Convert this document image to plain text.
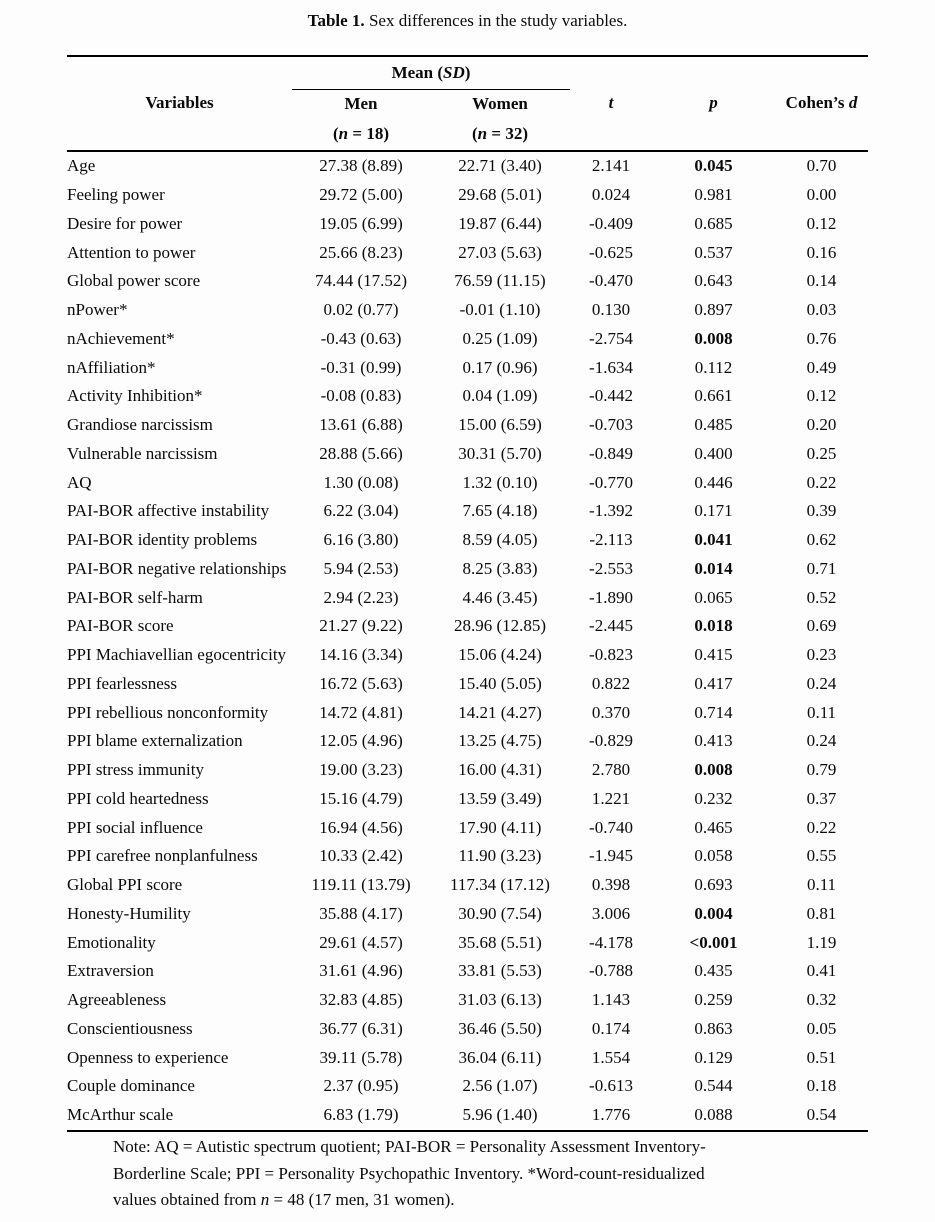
Table 1. Sex differences in the study variables.
	Mean (SD)				
Variables	Men	Women	t	p	Cohen’s d
	(n = 18)	(n = 32)			
Age	27.38 (8.89)	22.71 (3.40)	2.141	0.045	0.70
Feeling power	29.72 (5.00)	29.68 (5.01)	0.024	0.981	0.00
Desire for power	19.05 (6.99)	19.87 (6.44)	-0.409	0.685	0.12
Attention to power	25.66 (8.23)	27.03 (5.63)	-0.625	0.537	0.16
Global power score	74.44 (17.52)	76.59 (11.15)	-0.470	0.643	0.14
nPower*	0.02 (0.77)	-0.01 (1.10)	0.130	0.897	0.03
nAchievement*	-0.43 (0.63)	0.25 (1.09)	-2.754	0.008	0.76
nAffiliation*	-0.31 (0.99)	0.17 (0.96)	-1.634	0.112	0.49
Activity Inhibition*	-0.08 (0.83)	0.04 (1.09)	-0.442	0.661	0.12
Grandiose narcissism	13.61 (6.88)	15.00 (6.59)	-0.703	0.485	0.20
Vulnerable narcissism	28.88 (5.66)	30.31 (5.70)	-0.849	0.400	0.25
AQ	1.30 (0.08)	1.32 (0.10)	-0.770	0.446	0.22
PAI-BOR affective instability	6.22 (3.04)	7.65 (4.18)	-1.392	0.171	0.39
PAI-BOR identity problems	6.16 (3.80)	8.59 (4.05)	-2.113	0.041	0.62
PAI-BOR negative relationships	5.94 (2.53)	8.25 (3.83)	-2.553	0.014	0.71
PAI-BOR self-harm	2.94 (2.23)	4.46 (3.45)	-1.890	0.065	0.52
PAI-BOR score	21.27 (9.22)	28.96 (12.85)	-2.445	0.018	0.69
PPI Machiavellian egocentricity	14.16 (3.34)	15.06 (4.24)	-0.823	0.415	0.23
PPI fearlessness	16.72 (5.63)	15.40 (5.05)	0.822	0.417	0.24
PPI rebellious nonconformity	14.72 (4.81)	14.21 (4.27)	0.370	0.714	0.11
PPI blame externalization	12.05 (4.96)	13.25 (4.75)	-0.829	0.413	0.24
PPI stress immunity	19.00 (3.23)	16.00 (4.31)	2.780	0.008	0.79
PPI cold heartedness	15.16 (4.79)	13.59 (3.49)	1.221	0.232	0.37
PPI social influence	16.94 (4.56)	17.90 (4.11)	-0.740	0.465	0.22
PPI carefree nonplanfulness	10.33 (2.42)	11.90 (3.23)	-1.945	0.058	0.55
Global PPI score	119.11 (13.79)	117.34 (17.12)	0.398	0.693	0.11
Honesty-Humility	35.88 (4.17)	30.90 (7.54)	3.006	0.004	0.81
Emotionality	29.61 (4.57)	35.68 (5.51)	-4.178	<0.001	1.19
Extraversion	31.61 (4.96)	33.81 (5.53)	-0.788	0.435	0.41
Agreeableness	32.83 (4.85)	31.03 (6.13)	1.143	0.259	0.32
Conscientiousness	36.77 (6.31)	36.46 (5.50)	0.174	0.863	0.05
Openness to experience	39.11 (5.78)	36.04 (6.11)	1.554	0.129	0.51
Couple dominance	2.37 (0.95)	2.56 (1.07)	-0.613	0.544	0.18
McArthur scale	6.83 (1.79)	5.96 (1.40)	1.776	0.088	0.54
Note: AQ = Autistic spectrum quotient; PAI-BOR = Personality Assessment Inventory-
Borderline Scale; PPI = Personality Psychopathic Inventory. *Word-count-residualized
values obtained from n = 48 (17 men, 31 women).
